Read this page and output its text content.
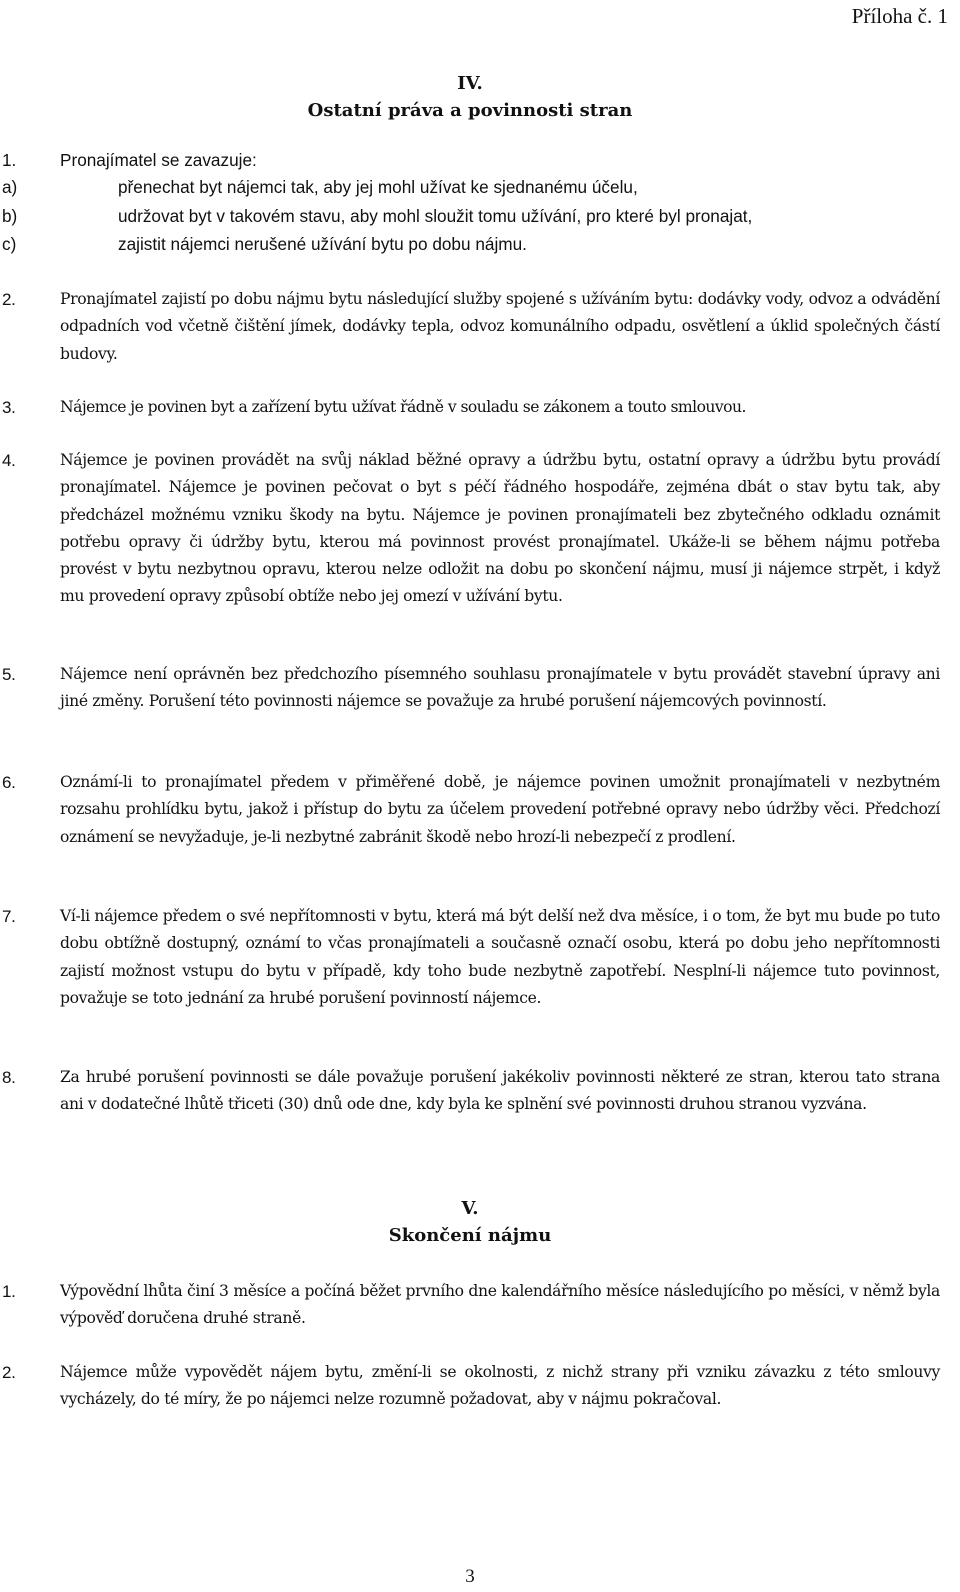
Příloha č. 1
IV.
Ostatní práva a povinnosti stran
1.	Pronajímatel se zavazuje:
a)	přenechat byt nájemci tak, aby jej mohl užívat ke sjednanému účelu,
b)	udržovat byt v takovém stavu, aby mohl sloužit tomu užívání, pro které byl pronajat,
c)	zajistit nájemci nerušené užívání bytu po dobu nájmu.
2.	Pronajímatel zajistí po dobu nájmu bytu následující služby spojené s užíváním bytu: dodávky vody, odvoz a odvádění odpadních vod včetně čištění jímek, dodávky tepla, odvoz komunálního odpadu, osvětlení a úklid společných částí budovy.
3.	Nájemce je povinen byt a zařízení bytu užívat řádně v souladu se zákonem a touto smlouvou.
4.	Nájemce je povinen provádět na svůj náklad běžné opravy a údržbu bytu, ostatní opravy a údržbu bytu provádí pronajímatel. Nájemce je povinen pečovat o byt s péčí řádného hospodáře, zejména dbát o stav bytu tak, aby předcházel možnému vzniku škody na bytu. Nájemce je povinen pronajímateli bez zbytečného odkladu oznámit potřebu opravy či údržby bytu, kterou má povinnost provést pronajímatel. Ukáže-li se během nájmu potřeba provést v bytu nezbytnou opravu, kterou nelze odložit na dobu po skončení nájmu, musí ji nájemce strpět, i když mu provedení opravy způsobí obtíže nebo jej omezí v užívání bytu.
5.	Nájemce není oprávněn bez předchozího písemného souhlasu pronajímatele v bytu provádět stavební úpravy ani jiné změny. Porušení této povinnosti nájemce se považuje za hrubé porušení nájemcových povinností.
6.	Oznámí-li to pronajímatel předem v přiměřené době, je nájemce povinen umožnit pronajímateli v nezbytném rozsahu prohlídku bytu, jakož i přístup do bytu za účelem provedení potřebné opravy nebo údržby věci. Předchozí oznámení se nevyžaduje, je-li nezbytné zabránit škodě nebo hrozí-li nebezpečí z prodlení.
7.	Ví-li nájemce předem o své nepřítomnosti v bytu, která má být delší než dva měsíce, i o tom, že byt mu bude po tuto dobu obtížně dostupný, oznámí to včas pronajímateli a současně označí osobu, která po dobu jeho nepřítomnosti zajistí možnost vstupu do bytu v případě, kdy toho bude nezbytně zapotřebí. Nesplní-li nájemce tuto povinnost, považuje se toto jednání za hrubé porušení povinností nájemce.
8.	Za hrubé porušení povinnosti se dále považuje porušení jakékoliv povinnosti některé ze stran, kterou tato strana ani v dodatečné lhůtě třiceti (30) dnů ode dne, kdy byla ke splnění své povinnosti druhou stranou vyzvána.
V.
Skončení nájmu
1.	Výpovědní lhůta činí 3 měsíce a počíná běžet prvního dne kalendářního měsíce následujícího po měsíci, v němž byla výpověď doručena druhé straně.
2.	Nájemce může vypovědět nájem bytu, změní-li se okolnosti, z nichž strany při vzniku závazku z této smlouvy vycházely, do té míry, že po nájemci nelze rozumně požadovat, aby v nájmu pokračoval.
3
